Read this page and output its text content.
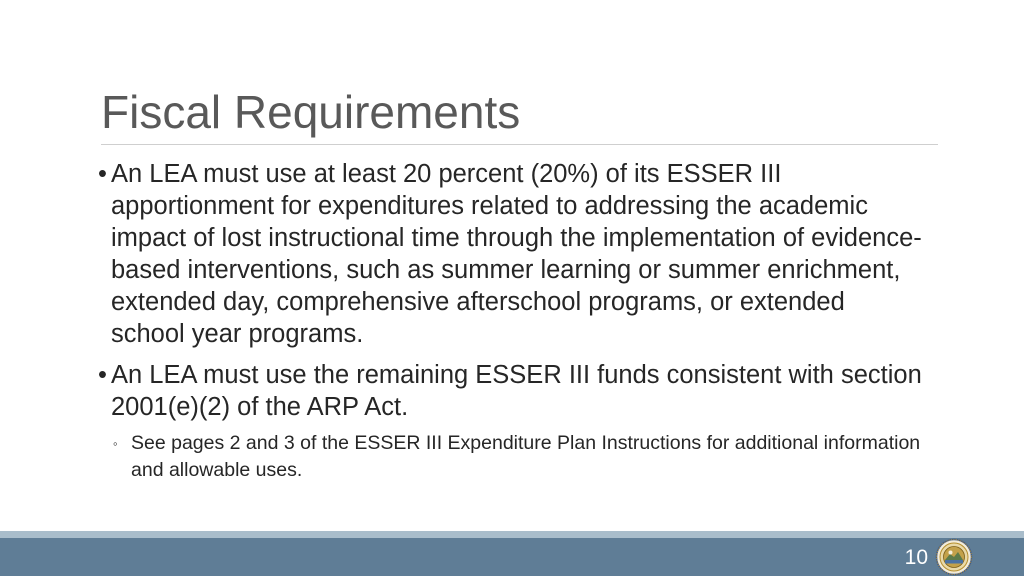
Fiscal Requirements
• An LEA must use at least 20 percent (20%) of its ESSER III apportionment for expenditures related to addressing the academic impact of lost instructional time through the implementation of evidence-based interventions, such as summer learning or summer enrichment, extended day, comprehensive afterschool programs, or extended school year programs.
• An LEA must use the remaining ESSER III funds consistent with section 2001(e)(2) of the ARP Act.
◦ See pages 2 and 3 of the ESSER III Expenditure Plan Instructions for additional information and allowable uses.
10
